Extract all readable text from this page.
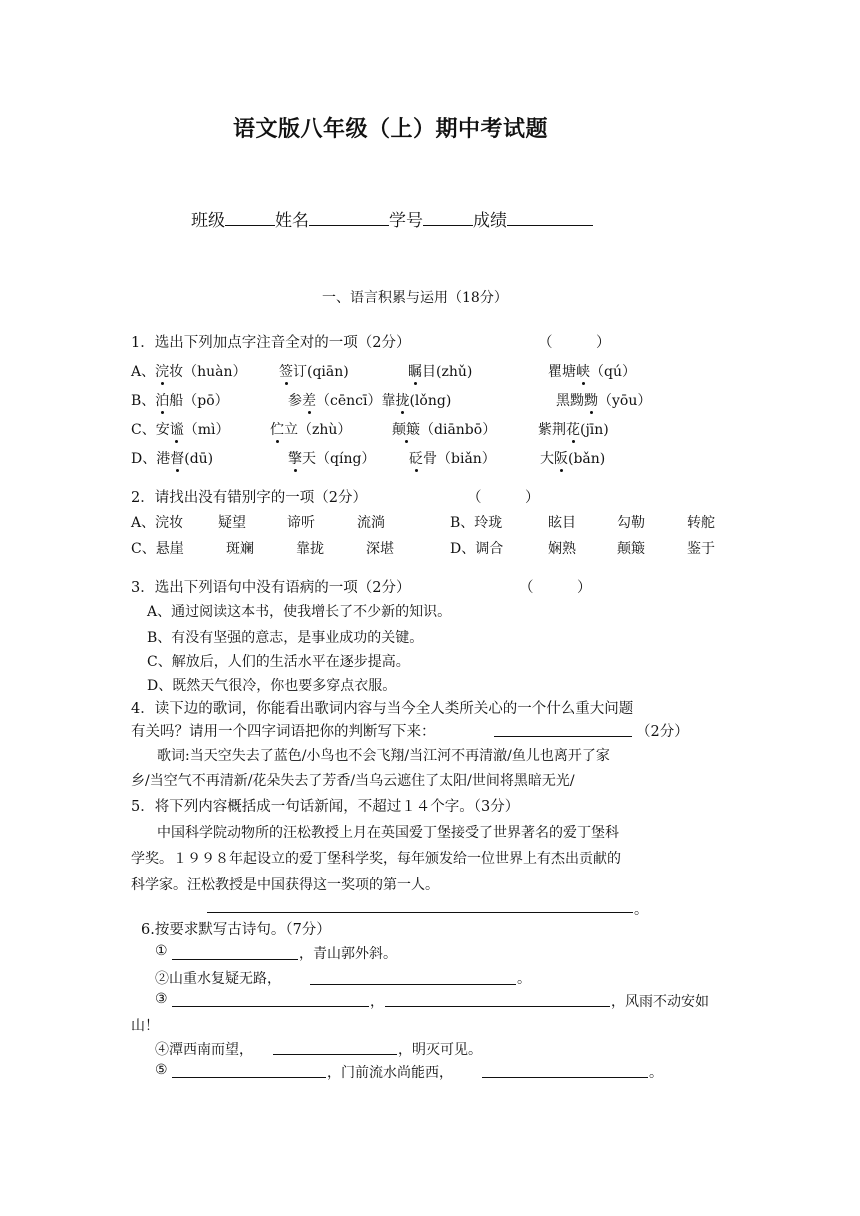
语文版八年级（上）期中考试题
班级	姓名	学号	成绩
一、语言积累与运用（18分）
1．选出下列加点字注音全对的一项（2分）	（　　　）
A、浣妆（huàn） 签订(qiān)	瞩目(zhǔ)	瞿塘峡（qú）
B、泊船（pō）	参差（cēncī）靠拢(lǒng)	黑黝黝（yōu）
C、安谧（mì）	伫立（zhù）	颠簸（diānbō）	紫荆花(jīn)
D、港督(dū)	擎天（qíng） 砭骨（biǎn）	大阪(bǎn)
2．请找出没有错别字的一项（2分）	（　　　）
A、浣妆 疑望	谛听	流淌	B、玲珑	眩目	勾勒	转舵
C、悬崖	斑斓	靠拢	深堪	D、调合	娴熟	颠簸	鉴于
3．选出下列语句中没有语病的一项（2分）	（　　　）
A、通过阅读这本书，使我增长了不少新的知识。
B、有没有坚强的意志，是事业成功的关键。
C、解放后，人们的生活水平在逐步提高。
D、既然天气很冷，你也要多穿点衣服。
4．读下边的歌词，你能看出歌词内容与当今全人类所关心的一个什么重大问题
有关吗？请用一个四字词语把你的判断写下来：	（2分）
歌词:当天空失去了蓝色/小鸟也不会飞翔/当江河不再清澈/鱼儿也离开了家
乡/当空气不再清新/花朵失去了芳香/当乌云遮住了太阳/世间将黑暗无光/
5．将下列内容概括成一句话新闻，不超过１４个字。（3分）
中国科学院动物所的汪松教授上月在英国爱丁堡接受了世界著名的爱丁堡科
学奖。１９９８年起设立的爱丁堡科学奖，每年颁发给一位世界上有杰出贡献的
科学家。汪松教授是中国获得这一奖项的第一人。
。
6.按要求默写古诗句。（7分）
①	，青山郭外斜。
②山重水复疑无路，	。
③	，	，风雨不动安如
山！
④潭西南而望，	，明灭可见。
⑤	，门前流水尚能西，	。
